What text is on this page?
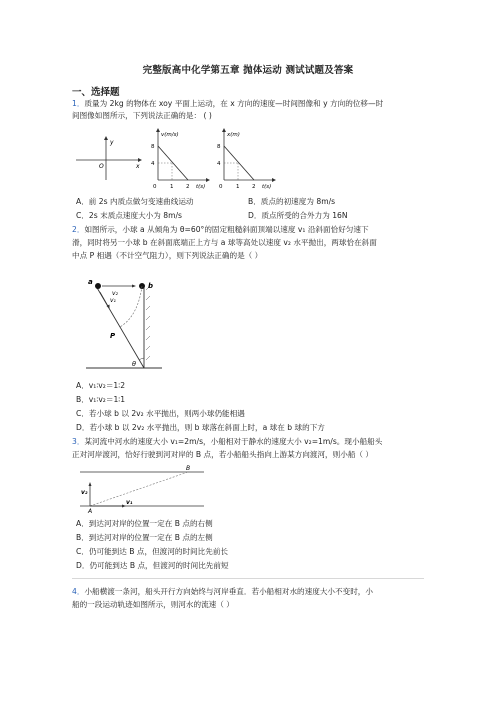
完整版高中化学第五章 抛体运动 测试试题及答案
一、选择题
1．质量为 2kg 的物体在 xoy 平面上运动，在 x 方向的速度—时间图像和 y 方向的位移—时
间图像如图所示，下列说法正确的是： ( )
y
x
O
v(m/s)
8
4
0 1 2 t(s)
x(m)
8
4
0 1 2 t(s)
A．前 2s 内质点做匀变速曲线运动	B．质点的初速度为 8m/s
C．2s 末质点速度大小为 8m/s	D．质点所受的合外力为 16N
2．如图所示，小球 a 从倾角为 θ=60°的固定粗糙斜面顶端以速度 v₁ 沿斜面恰好匀速下
滑，同时将另一小球 b 在斜面底端正上方与 a 球等高处以速度 v₂ 水平抛出，两球恰在斜面
中点 P 相遇（不计空气阻力），则下列说法正确的是（ ）
a	b
v₂
v₁
P
θ
A．v₁∶v₂＝1∶2
B．v₁∶v₂＝1∶1
C．若小球 b 以 2v₂ 水平抛出，则两小球仍能相遇
D．若小球 b 以 2v₂ 水平抛出，则 b 球落在斜面上时，a 球在 b 球的下方
3．某河流中河水的速度大小 v₁=2m/s，小船相对于静水的速度大小 v₂=1m/s。现小船船头
正对河岸渡河，恰好行驶到河对岸的 B 点，若小船船头指向上游某方向渡河，则小船（ ）
B
A
v₂
v₁
A．到达河对岸的位置一定在 B 点的右侧
B．到达河对岸的位置一定在 B 点的左侧
C．仍可能到达 B 点，但渡河的时间比先前长
D．仍可能到达 B 点，但渡河的时间比先前短
4．小船横渡一条河，船头开行方向始终与河岸垂直．若小船相对水的速度大小不变时，小
船的一段运动轨迹如图所示，则河水的流速（ ）
